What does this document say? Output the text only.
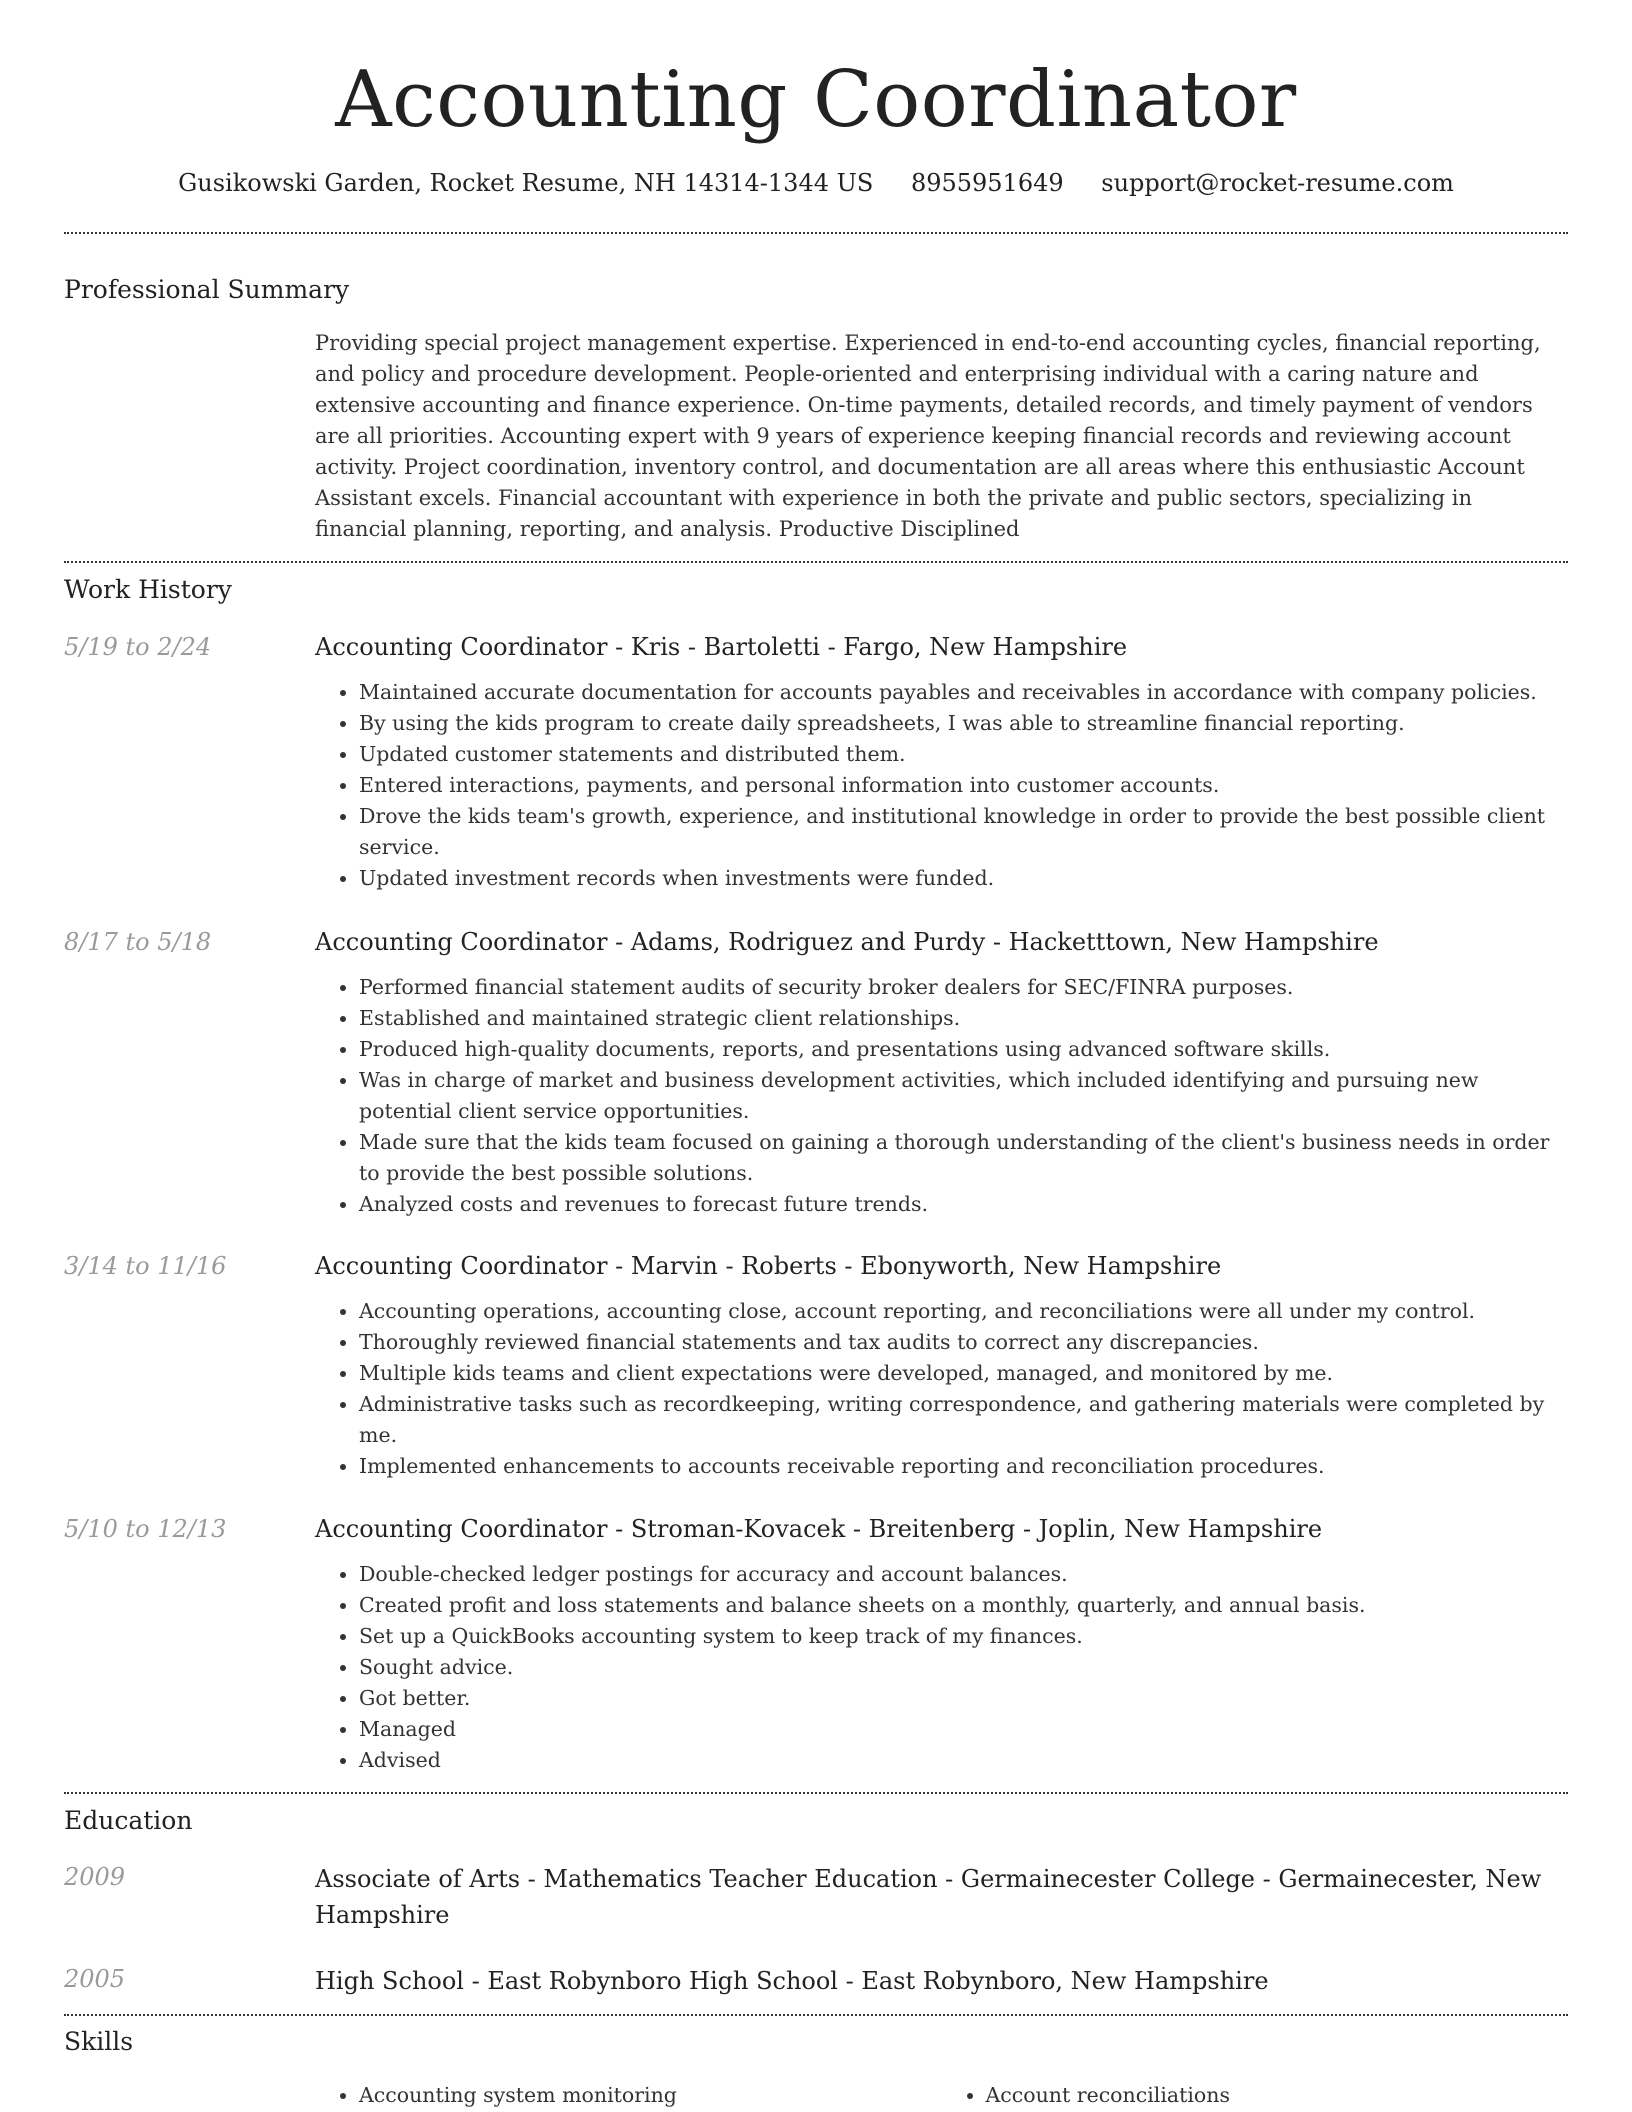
Accounting Coordinator
Gusikowski Garden, Rocket Resume, NH 14314-1344 US 8955951649 support@rocket-resume.com
Professional Summary

Providing special project management expertise. Experienced in end-to-end accounting cycles, financial reporting, and policy and procedure development. People-oriented and enterprising individual with a caring nature and extensive accounting and finance experience. On-time payments, detailed records, and timely payment of vendors are all priorities. Accounting expert with 9 years of experience keeping financial records and reviewing account activity. Project coordination, inventory control, and documentation are all areas where this enthusiastic Account Assistant excels. Financial accountant with experience in both the private and public sectors, specializing in financial planning, reporting, and analysis. Productive Disciplined

Work History
5/19 to 2/24	Accounting Coordinator - Kris - Bartoletti - Fargo, New Hampshire
• Maintained accurate documentation for accounts payables and receivables in accordance with company policies.
• By using the kids program to create daily spreadsheets, I was able to streamline financial reporting.
• Updated customer statements and distributed them.
• Entered interactions, payments, and personal information into customer accounts.
• Drove the kids team's growth, experience, and institutional knowledge in order to provide the best possible client service.
• Updated investment records when investments were funded.
8/17 to 5/18	Accounting Coordinator - Adams, Rodriguez and Purdy - Hacketttown, New Hampshire
• Performed financial statement audits of security broker dealers for SEC/FINRA purposes.
• Established and maintained strategic client relationships.
• Produced high-quality documents, reports, and presentations using advanced software skills.
• Was in charge of market and business development activities, which included identifying and pursuing new potential client service opportunities.
• Made sure that the kids team focused on gaining a thorough understanding of the client's business needs in order to provide the best possible solutions.
• Analyzed costs and revenues to forecast future trends.
3/14 to 11/16	Accounting Coordinator - Marvin - Roberts - Ebonyworth, New Hampshire
• Accounting operations, accounting close, account reporting, and reconciliations were all under my control.
• Thoroughly reviewed financial statements and tax audits to correct any discrepancies.
• Multiple kids teams and client expectations were developed, managed, and monitored by me.
• Administrative tasks such as recordkeeping, writing correspondence, and gathering materials were completed by me.
• Implemented enhancements to accounts receivable reporting and reconciliation procedures.
5/10 to 12/13	Accounting Coordinator - Stroman-Kovacek - Breitenberg - Joplin, New Hampshire
• Double-checked ledger postings for accuracy and account balances.
• Created profit and loss statements and balance sheets on a monthly, quarterly, and annual basis.
• Set up a QuickBooks accounting system to keep track of my finances.
• Sought advice.
• Got better.
• Managed
• Advised
Education
2009	Associate of Arts - Mathematics Teacher Education - Germainecester College - Germainecester, New Hampshire
2005	High School - East Robynboro High School - East Robynboro, New Hampshire
Skills
• Accounting system monitoring
•	Account reconciliations
